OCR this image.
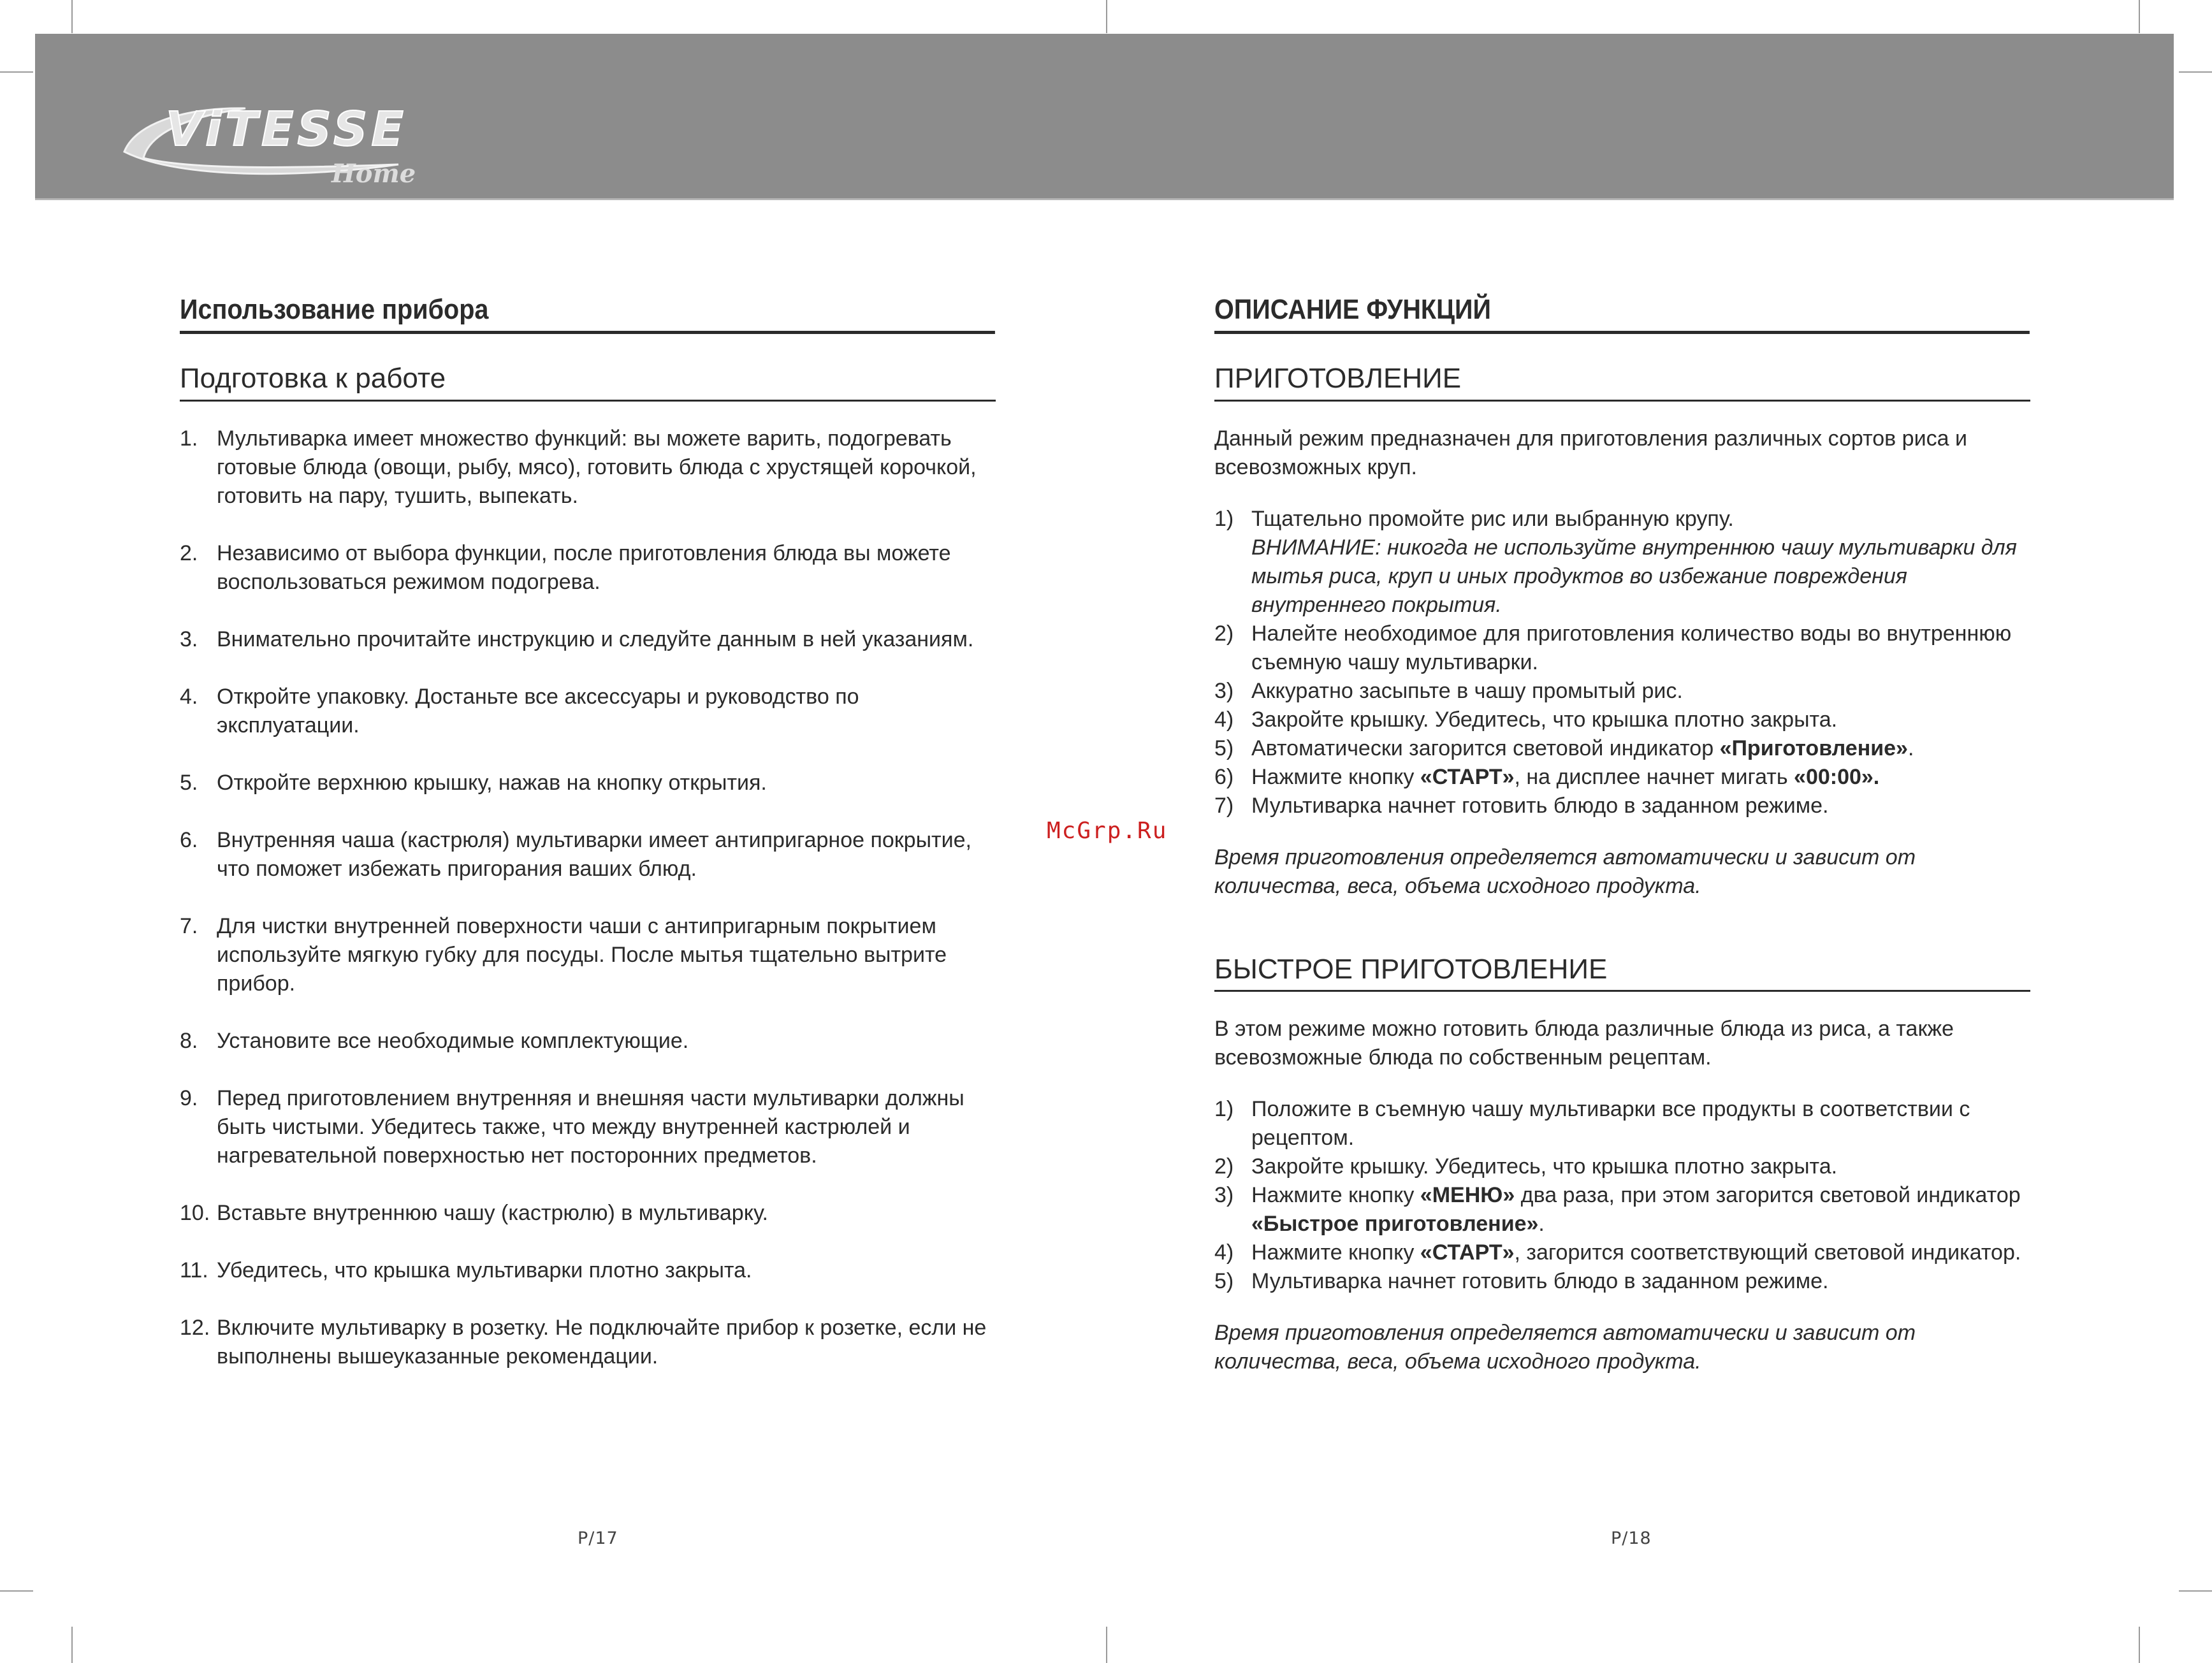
ViTESSE
Home
McGrp.Ru
Использование прибора
Подготовка к работе
1. Мультиварка имеет множество функций: вы можете варить, подогревать готовые блюда (овощи, рыбу, мясо), готовить блюда с хрустящей корочкой, готовить на пару, тушить, выпекать.
2. Независимо от выбора функции, после приготовления блюда вы можете воспользоваться режимом подогрева.
3. Внимательно прочитайте инструкцию и следуйте данным в ней указаниям.
4. Откройте упаковку. Достаньте все аксессуары и руководство по эксплуатации.
5. Откройте верхнюю крышку, нажав на кнопку открытия.
6. Внутренняя чаша (кастрюля) мультиварки имеет антипригарное покрытие, что поможет избежать пригорания ваших блюд.
7. Для чистки внутренней поверхности чаши с антипригарным покрытием используйте мягкую губку для посуды. После мытья тщательно вытрите прибор.
8. Установите все необходимые комплектующие.
9. Перед приготовлением внутренняя и внешняя части мультиварки должны быть чистыми. Убедитесь также, что между внутренней кастрюлей и нагревательной поверхностью нет посторонних предметов.
10. Вставьте внутреннюю чашу (кастрюлю) в мультиварку.
11. Убедитесь, что крышка мультиварки плотно закрыта.
12. Включите мультиварку в розетку. Не подключайте прибор к розетке, если не выполнены вышеуказанные рекомендации.
ОПИСАНИЕ ФУНКЦИЙ
ПРИГОТОВЛЕНИЕ

Данный режим предназначен для приготовления различных сортов риса и всевозможных круп.

1) Тщательно промойте рис или выбранную крупу.
ВНИМАНИЕ: никогда не используйте внутреннюю чашу мультиварки для мытья риса, круп и иных продуктов во избежание повреждения внутреннего покрытия.
2) Налейте необходимое для приготовления количество воды во внутреннюю съемную чашу мультиварки.
3) Аккуратно засыпьте в чашу промытый рис.
4) Закройте крышку. Убедитесь, что крышка плотно закрыта.
5) Автоматически загорится световой индикатор «Приготовление».
6) Нажмите кнопку «СТАРТ», на дисплее начнет мигать «00:00».
7) Мультиварка начнет готовить блюдо в заданном режиме.

Время приготовления определяется автоматически и зависит от количества, веса, объема исходного продукта.

БЫСТРОЕ ПРИГОТОВЛЕНИЕ

В этом режиме можно готовить блюда различные блюда из риса, а также всевозможные блюда по собственным рецептам.

1) Положите в съемную чашу мультиварки все продукты в соответствии с рецептом.
2) Закройте крышку. Убедитесь, что крышка плотно закрыта.
3) Нажмите кнопку «МЕНЮ» два раза, при этом загорится световой индикатор «Быстрое приготовление».
4) Нажмите кнопку «СТАРТ», загорится соответствующий световой индикатор.
5) Мультиварка начнет готовить блюдо в заданном режиме.

Время приготовления определяется автоматически и зависит от количества, веса, объема исходного продукта.

P/17	P/18
